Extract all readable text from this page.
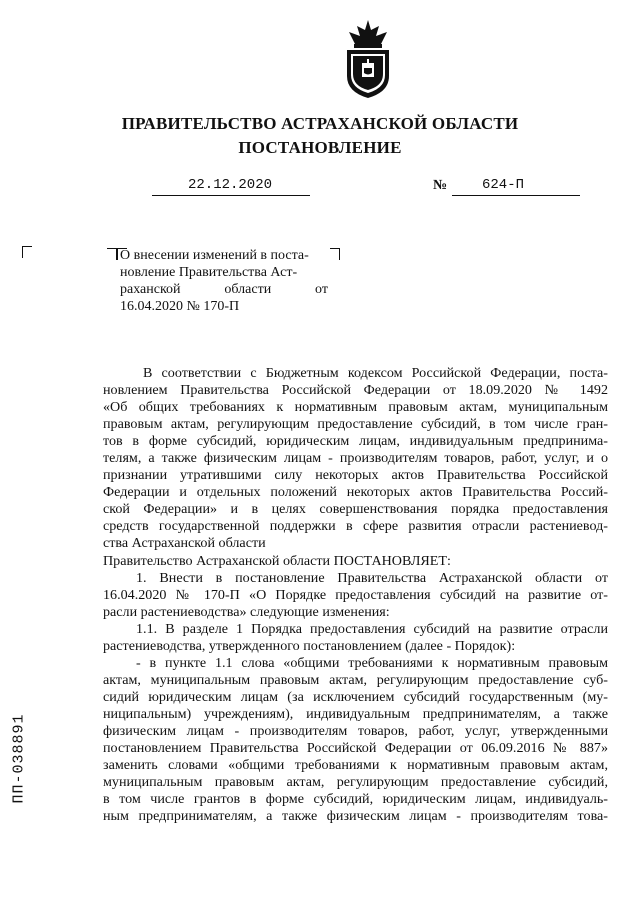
ПРАВИТЕЛЬСТВО АСТРАХАНСКОЙ ОБЛАСТИ
ПОСТАНОВЛЕНИЕ
22.12.2020	№ 624-П
О внесении изменений в поста-
новление Правительства Аст-
раханской	области	от
16.04.2020 № 170-П

В соответствии с Бюджетным кодексом Российской Федерации, поста-

новлением Правительства Российской Федерации от 18.09.2020 № 1492

«Об общих требованиях к нормативным правовым актам, муниципальным

правовым актам, регулирующим предоставление субсидий, в том числе гран-

тов в форме субсидий, юридическим лицам, индивидуальным предпринима-

телям, а также физическим лицам - производителям товаров, работ, услуг, и о

признании утратившими силу некоторых актов Правительства Российской

Федерации и отдельных положений некоторых актов Правительства Россий-

ской Федерации» и в целях совершенствования порядка предоставления

средств государственной поддержки в сфере развития отрасли растениевод-

ства Астраханской области

Правительство Астраханской области ПОСТАНОВЛЯЕТ:

1. Внести в постановление Правительства Астраханской области от

16.04.2020 № 170-П «О Порядке предоставления субсидий на развитие от-

расли растениеводства» следующие изменения:

1.1. В разделе 1 Порядка предоставления субсидий на развитие отрасли

растениеводства, утвержденного постановлением (далее - Порядок):

- в пункте 1.1 слова «общими требованиями к нормативным правовым

актам, муниципальным правовым актам, регулирующим предоставление суб-

сидий юридическим лицам (за исключением субсидий государственным (му-

ниципальным) учреждениям), индивидуальным предпринимателям, а также

физическим лицам - производителям товаров, работ, услуг, утвержденными

постановлением Правительства Российской Федерации от 06.09.2016 № 887»

заменить словами «общими требованиями к нормативным правовым актам,

муниципальным правовым актам, регулирующим предоставление субсидий,

в том числе грантов в форме субсидий, юридическим лицам, индивидуаль-

ным предпринимателям, а также физическим лицам - производителям това-

ПП-038891
